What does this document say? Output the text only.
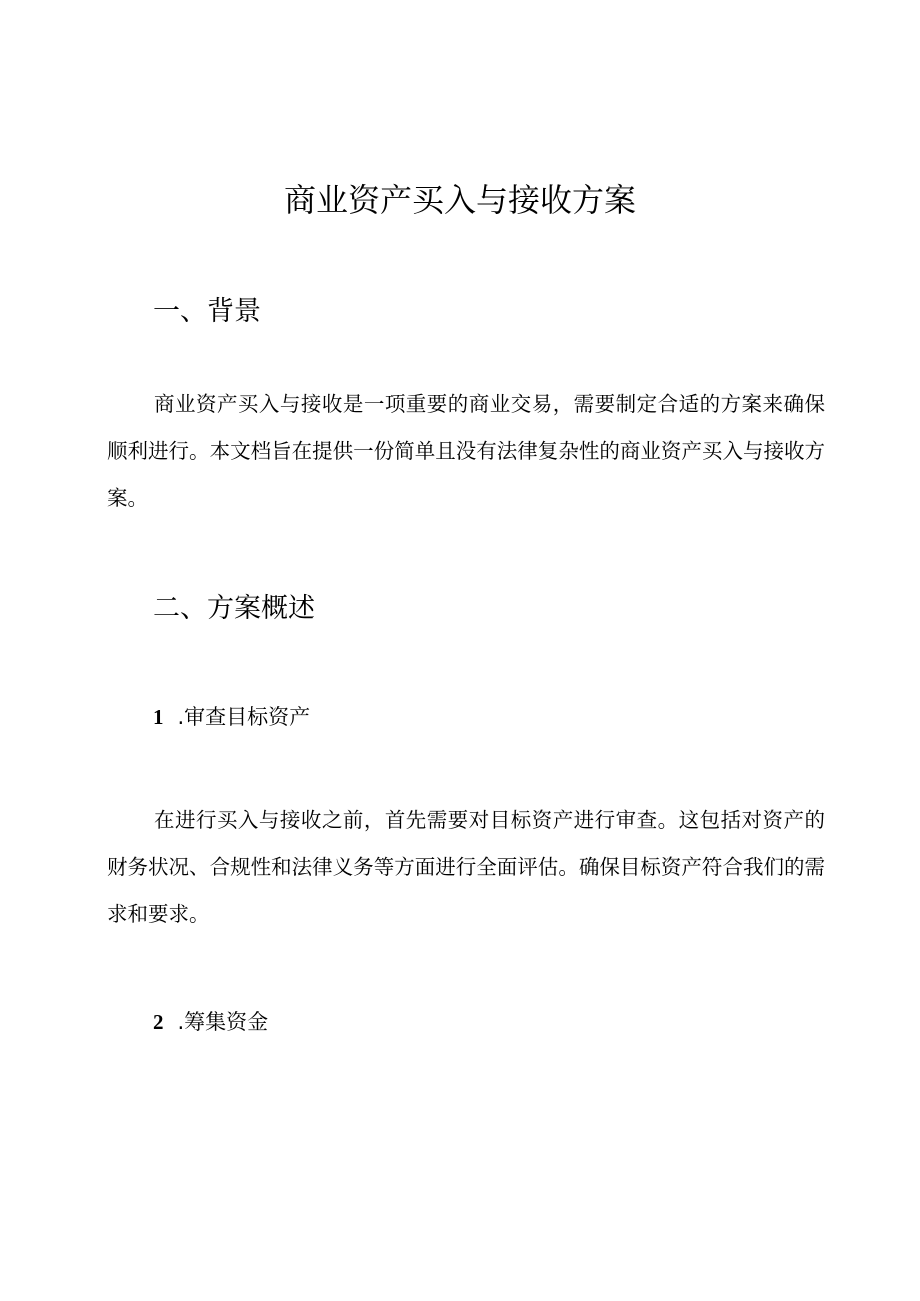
商业资产买入与接收方案
一、背景

商业资产买入与接收是一项重要的商业交易，需要制定合适的方案来确保顺利进行。本文档旨在提供一份简单且没有法律复杂性的商业资产买入与接收方案。

二、方案概述
1 .审查目标资产

在进行买入与接收之前，首先需要对目标资产进行审查。这包括对资产的财务状况、合规性和法律义务等方面进行全面评估。确保目标资产符合我们的需求和要求。

2 .筹集资金
